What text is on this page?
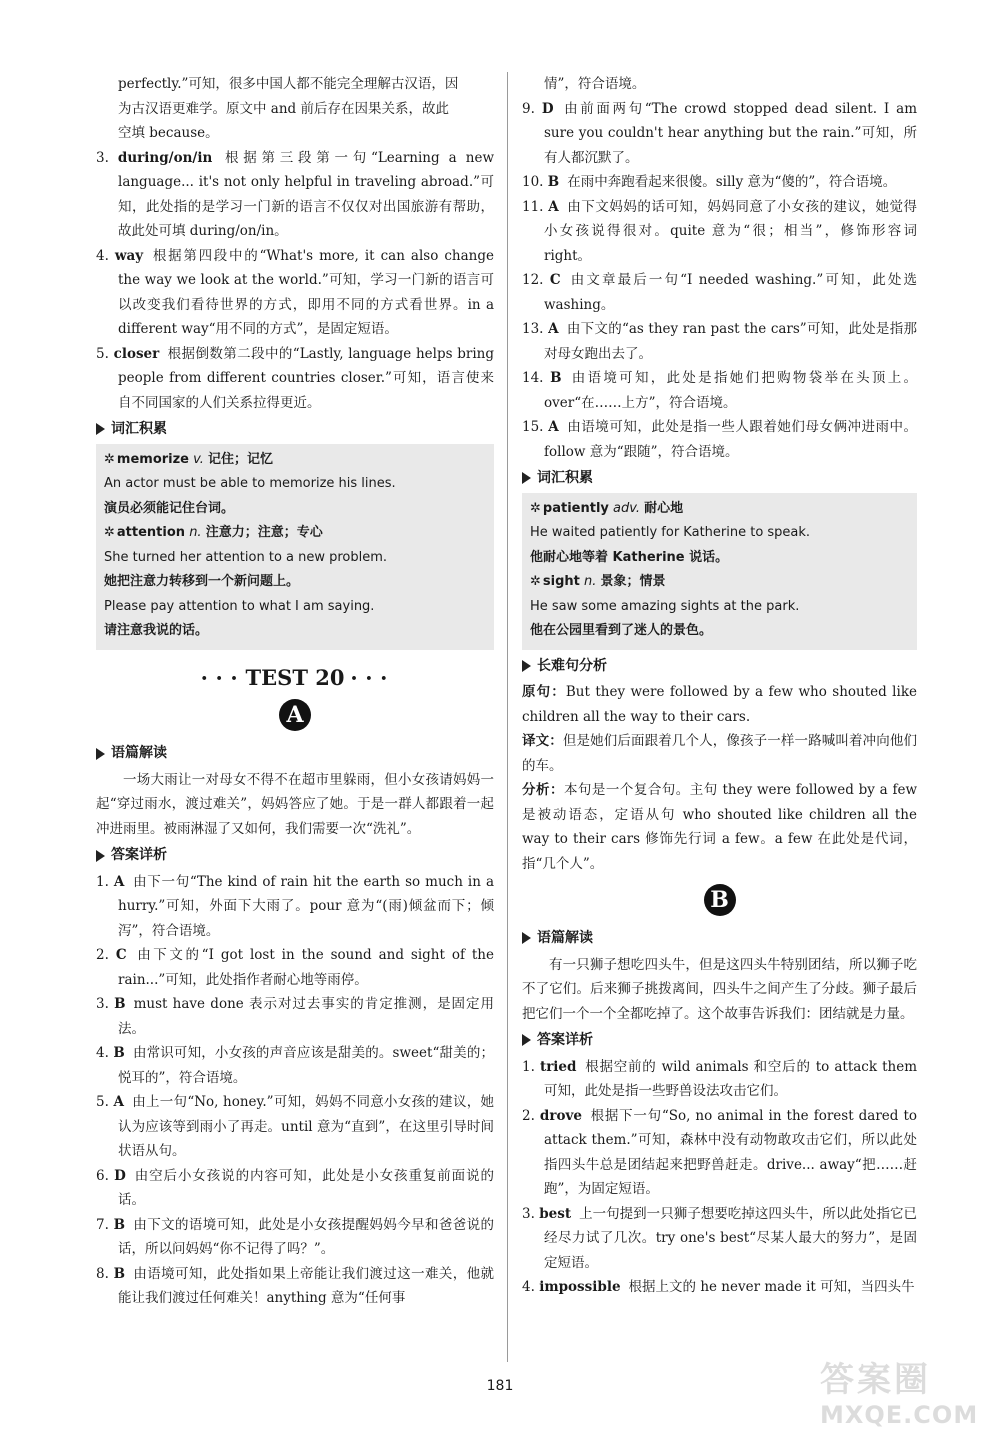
perfectly.”可知，很多中国人都不能完全理解古汉语，因

为古汉语更难学。原文中 and 前后存在因果关系，故此

空填 because。

3. during/on/in 根据第三段第一句“Learning a new language... it's not only helpful in traveling abroad.”可知，此处指的是学习一门新的语言不仅仅对出国旅游有帮助，故此处可填 during/on/in。

4. way 根据第四段中的“What's more, it can also change the way we look at the world.”可知，学习一门新的语言可以改变我们看待世界的方式，即用不同的方式看世界。in a different way“用不同的方式”，是固定短语。

5. closer 根据倒数第二段中的“Lastly, language helps bring people from different countries closer.”可知，语言使来自不同国家的人们关系拉得更近。

词汇积累
✲ memorize v. 记住；记忆
An actor must be able to memorize his lines.
演员必须能记住台词。
✲ attention n. 注意力；注意；专心
She turned her attention to a new problem.
她把注意力转移到一个新问题上。
Please pay attention to what I am saying.
请注意我说的话。
• • • TEST 20 • • •
A
语篇解读

一场大雨让一对母女不得不在超市里躲雨，但小女孩请妈妈一起“穿过雨水，渡过难关”，妈妈答应了她。于是一群人都跟着一起冲进雨里。被雨淋湿了又如何，我们需要一次“洗礼”。

答案详析

1. A 由下一句“The kind of rain hit the earth so much in a hurry.”可知，外面下大雨了。pour 意为“(雨)倾盆而下；倾泻”，符合语境。

2. C 由下文的“I got lost in the sound and sight of the rain...”可知，此处指作者耐心地等雨停。

3. B must have done 表示对过去事实的肯定推测，是固定用法。

4. B 由常识可知，小女孩的声音应该是甜美的。sweet“甜美的；悦耳的”，符合语境。

5. A 由上一句“No, honey.”可知，妈妈不同意小女孩的建议，她认为应该等到雨小了再走。until 意为“直到”，在这里引导时间状语从句。

6. D 由空后小女孩说的内容可知，此处是小女孩重复前面说的话。

7. B 由下文的语境可知，此处是小女孩提醒妈妈今早和爸爸说的话，所以问妈妈“你不记得了吗？”。

8. B 由语境可知，此处指如果上帝能让我们渡过这一难关，他就能让我们渡过任何难关！anything 意为“任何事

情”，符合语境。

9. D 由前面两句“The crowd stopped dead silent. I am sure you couldn't hear anything but the rain.”可知，所有人都沉默了。

10. B 在雨中奔跑看起来很傻。silly 意为“傻的”，符合语境。

11. A 由下文妈妈的话可知，妈妈同意了小女孩的建议，她觉得小女孩说得很对。quite 意为“很；相当”，修饰形容词 right。

12. C 由文章最后一句“I needed washing.”可知，此处选 washing。

13. A 由下文的“as they ran past the cars”可知，此处是指那对母女跑出去了。

14. B 由语境可知，此处是指她们把购物袋举在头顶上。over“在……上方”，符合语境。

15. A 由语境可知，此处是指一些人跟着她们母女俩冲进雨中。follow 意为“跟随”，符合语境。

词汇积累
✲ patiently adv. 耐心地
He waited patiently for Katherine to speak.
他耐心地等着 Katherine 说话。
✲ sight n. 景象；情景
He saw some amazing sights at the park.
他在公园里看到了迷人的景色。
长难句分析

原句：But they were followed by a few who shouted like children all the way to their cars.

译文：但是她们后面跟着几个人，像孩子一样一路喊叫着冲向他们的车。

分析：本句是一个复合句。主句 they were followed by a few 是被动语态，定语从句 who shouted like children all the way to their cars 修饰先行词 a few。a few 在此处是代词，指“几个人”。

B
语篇解读

有一只狮子想吃四头牛，但是这四头牛特别团结，所以狮子吃不了它们。后来狮子挑拨离间，四头牛之间产生了分歧。狮子最后把它们一个一个全都吃掉了。这个故事告诉我们：团结就是力量。

答案详析

1. tried 根据空前的 wild animals 和空后的 to attack them 可知，此处是指一些野兽设法攻击它们。

2. drove 根据下一句“So, no animal in the forest dared to attack them.”可知，森林中没有动物敢攻击它们，所以此处指四头牛总是团结起来把野兽赶走。drive... away“把……赶跑”，为固定短语。

3. best 上一句提到一只狮子想要吃掉这四头牛，所以此处指它已经尽力试了几次。try one's best“尽某人最大的努力”，是固定短语。

4. impossible 根据上文的 he never made it 可知，当四头牛

181	答案圈
MXQE.COM
